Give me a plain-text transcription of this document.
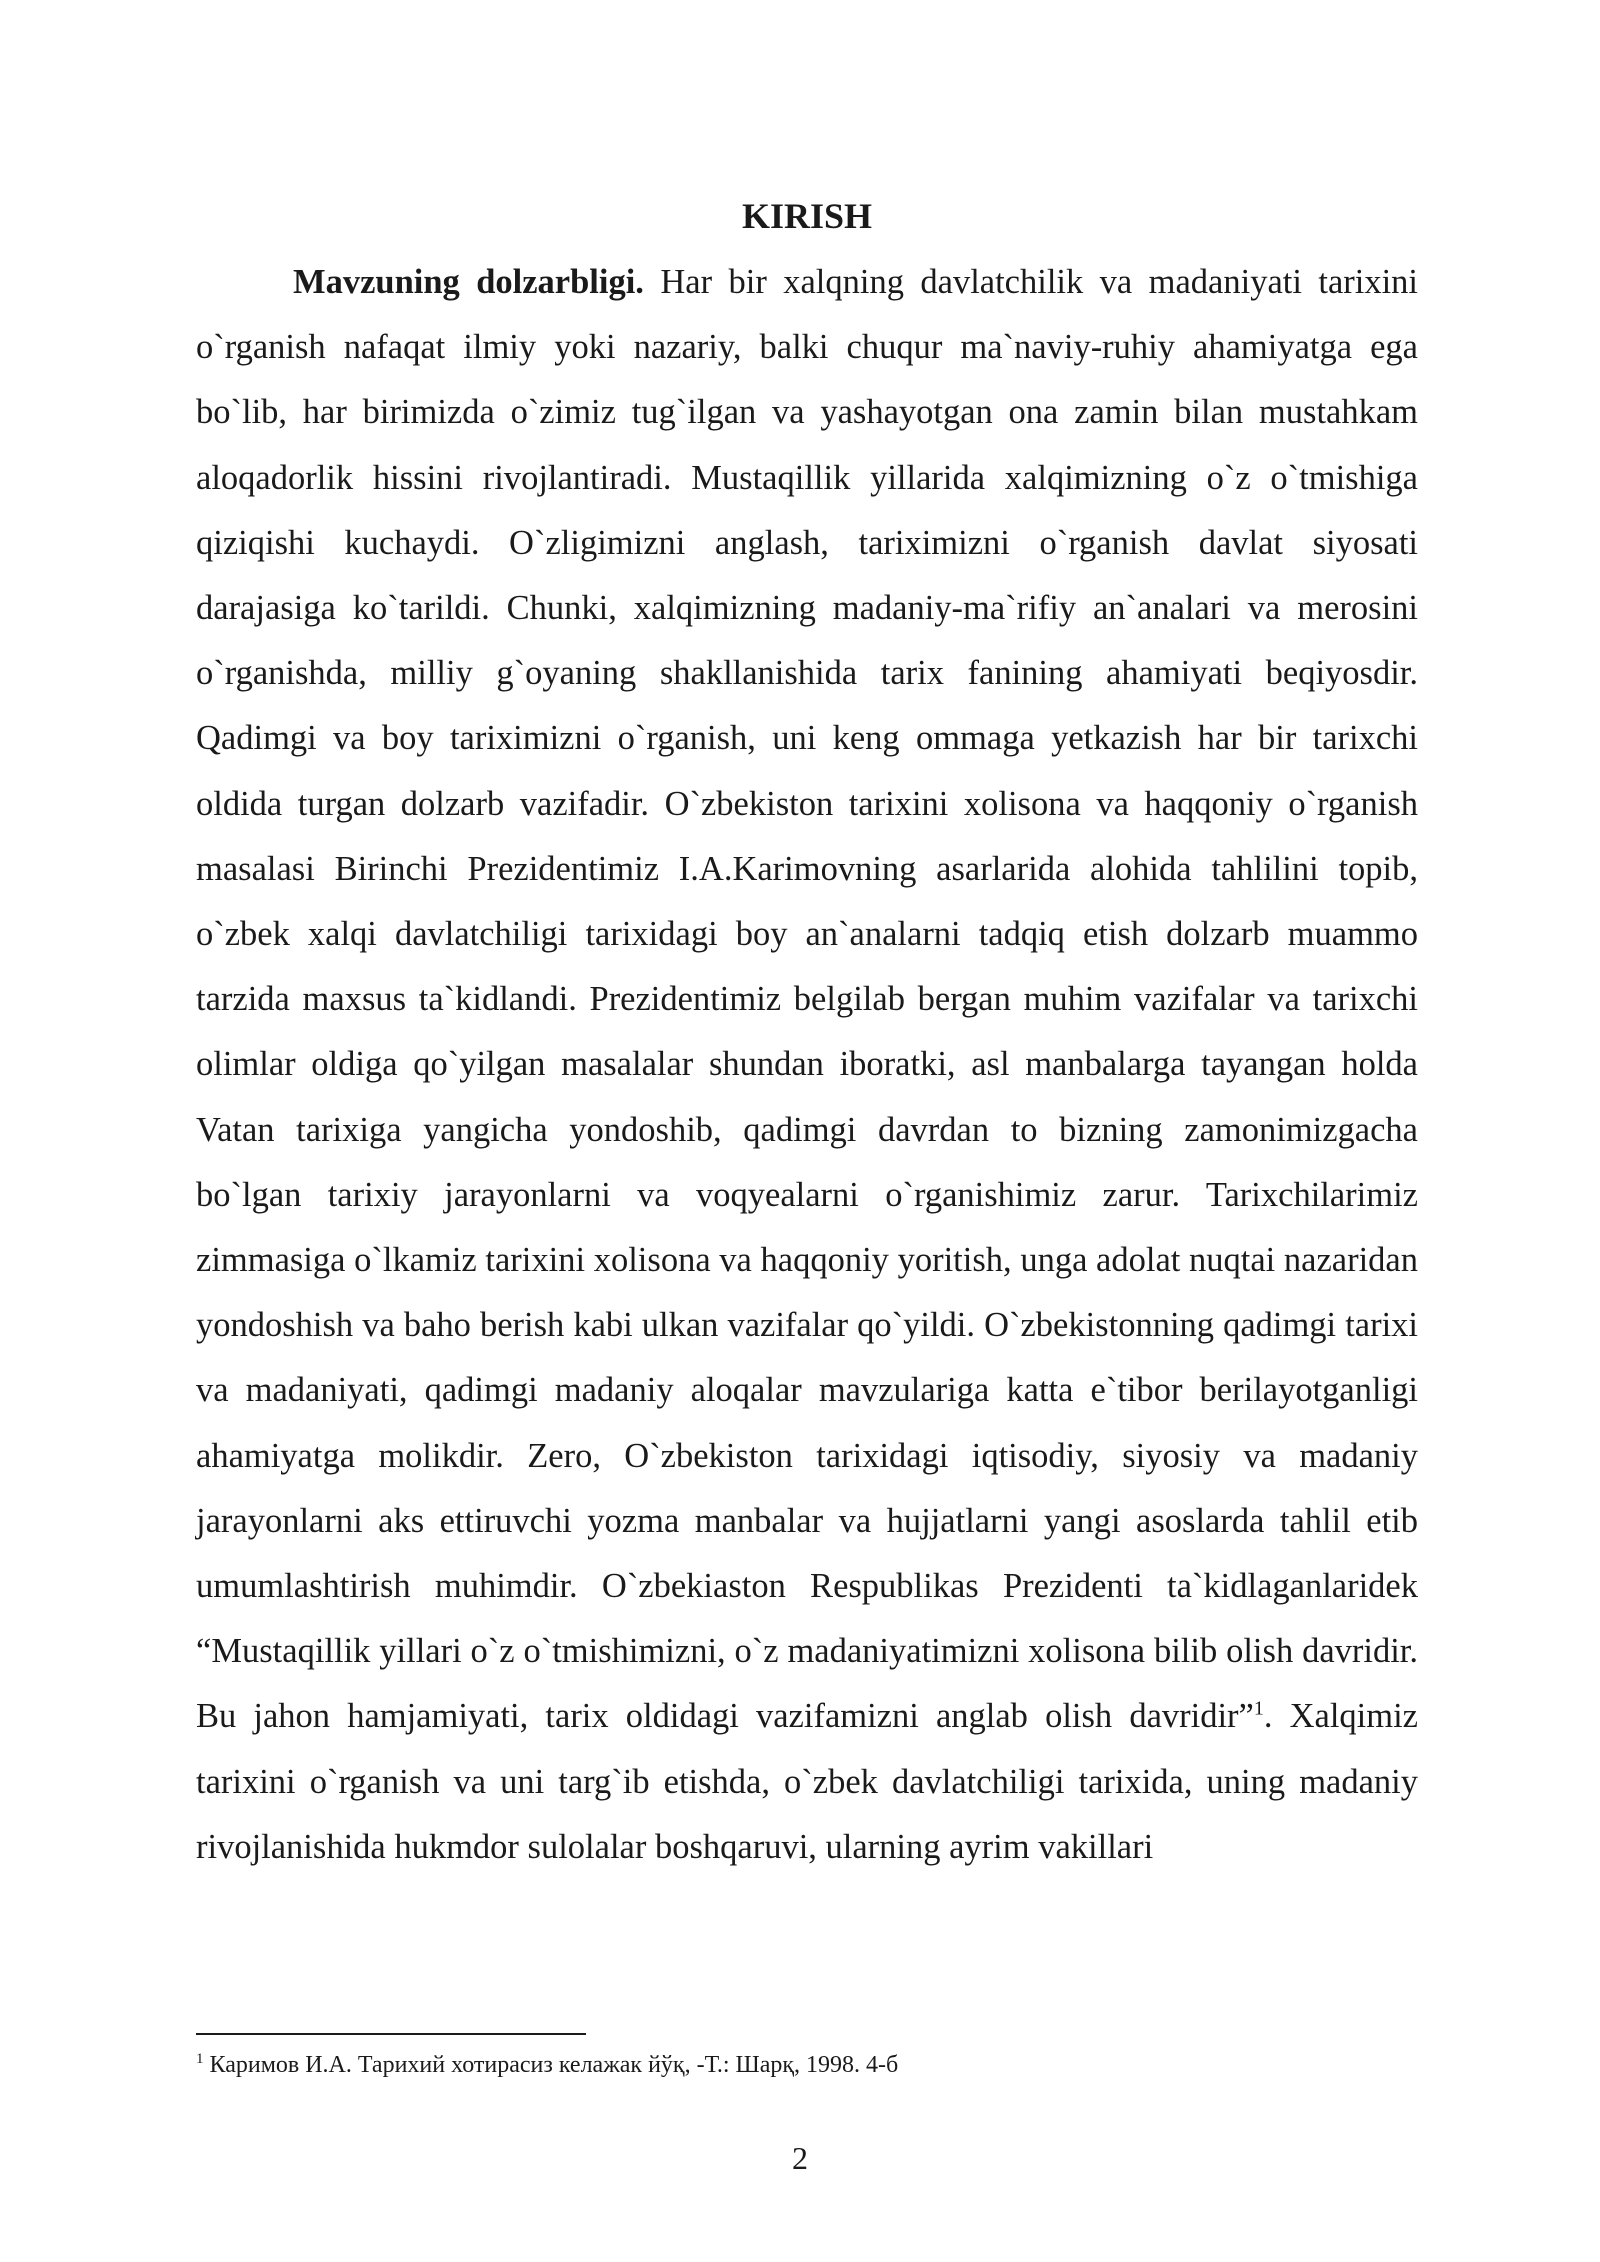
KIRISH

Mavzuning dolzarbligi. Har bir xalqning davlatchilik va madaniyati tarixini o`rganish nafaqat ilmiy yoki nazariy, balki chuqur ma`naviy-ruhiy ahamiyatga ega bo`lib, har birimizda o`zimiz tug`ilgan va yashayotgan ona zamin bilan mustahkam aloqadorlik hissini rivojlantiradi. Mustaqillik yillarida xalqimizning o`z o`tmishiga qiziqishi kuchaydi. O`zligimizni anglash, tariximizni o`rganish davlat siyosati darajasiga ko`tarildi. Chunki, xalqimizning madaniy-ma`rifiy an`analari va merosini o`rganishda, milliy g`oyaning shakllanishida tarix fanining ahamiyati beqiyosdir. Qadimgi va boy tariximizni o`rganish, uni keng ommaga yetkazish har bir tarixchi oldida turgan dolzarb vazifadir. O`zbekiston tarixini xolisona va haqqoniy o`rganish masalasi Birinchi Prezidentimiz I.A.Karimovning asarlarida alohida tahlilini topib, o`zbek xalqi davlatchiligi tarixidagi boy an`analarni tadqiq etish dolzarb muammo tarzida maxsus ta`kidlandi. Prezidentimiz belgilab bergan muhim vazifalar va tarixchi olimlar oldiga qo`yilgan masalalar shundan iboratki, asl manbalarga tayangan holda Vatan tarixiga yangicha yondoshib, qadimgi davrdan to bizning zamonimizgacha bo`lgan tarixiy jarayonlarni va voqyealarni o`rganishimiz zarur. Tarixchilarimiz zimmasiga o`lkamiz tarixini xolisona va haqqoniy yoritish, unga adolat nuqtai nazaridan yondoshish va baho berish kabi ulkan vazifalar qo`yildi. O`zbekistonning qadimgi tarixi va madaniyati, qadimgi madaniy aloqalar mavzulariga katta e`tibor berilayotganligi ahamiyatga molikdir. Zero, O`zbekiston tarixidagi iqtisodiy, siyosiy va madaniy jarayonlarni aks ettiruvchi yozma manbalar va hujjatlarni yangi asoslarda tahlil etib umumlashtirish muhimdir. O`zbekiaston Respublikas Prezidenti ta`kidlaganlaridek “Mustaqillik yillari o`z o`tmishimizni, o`z madaniyatimizni xolisona bilib olish davridir. Bu jahon hamjamiyati, tarix oldidagi vazifamizni anglab olish davridir”$^1$. Xalqimiz tarixini o`rganish va uni targ`ib etishda, o`zbek davlatchiligi tarixida, uning madaniy rivojlanishida hukmdor sulolalar boshqaruvi, ularning ayrim vakillari

$^1$ Каримов И.А. Тарихий хотирасиз келажак йўқ, -Т.: Шарқ, 1998. 4-б

2
